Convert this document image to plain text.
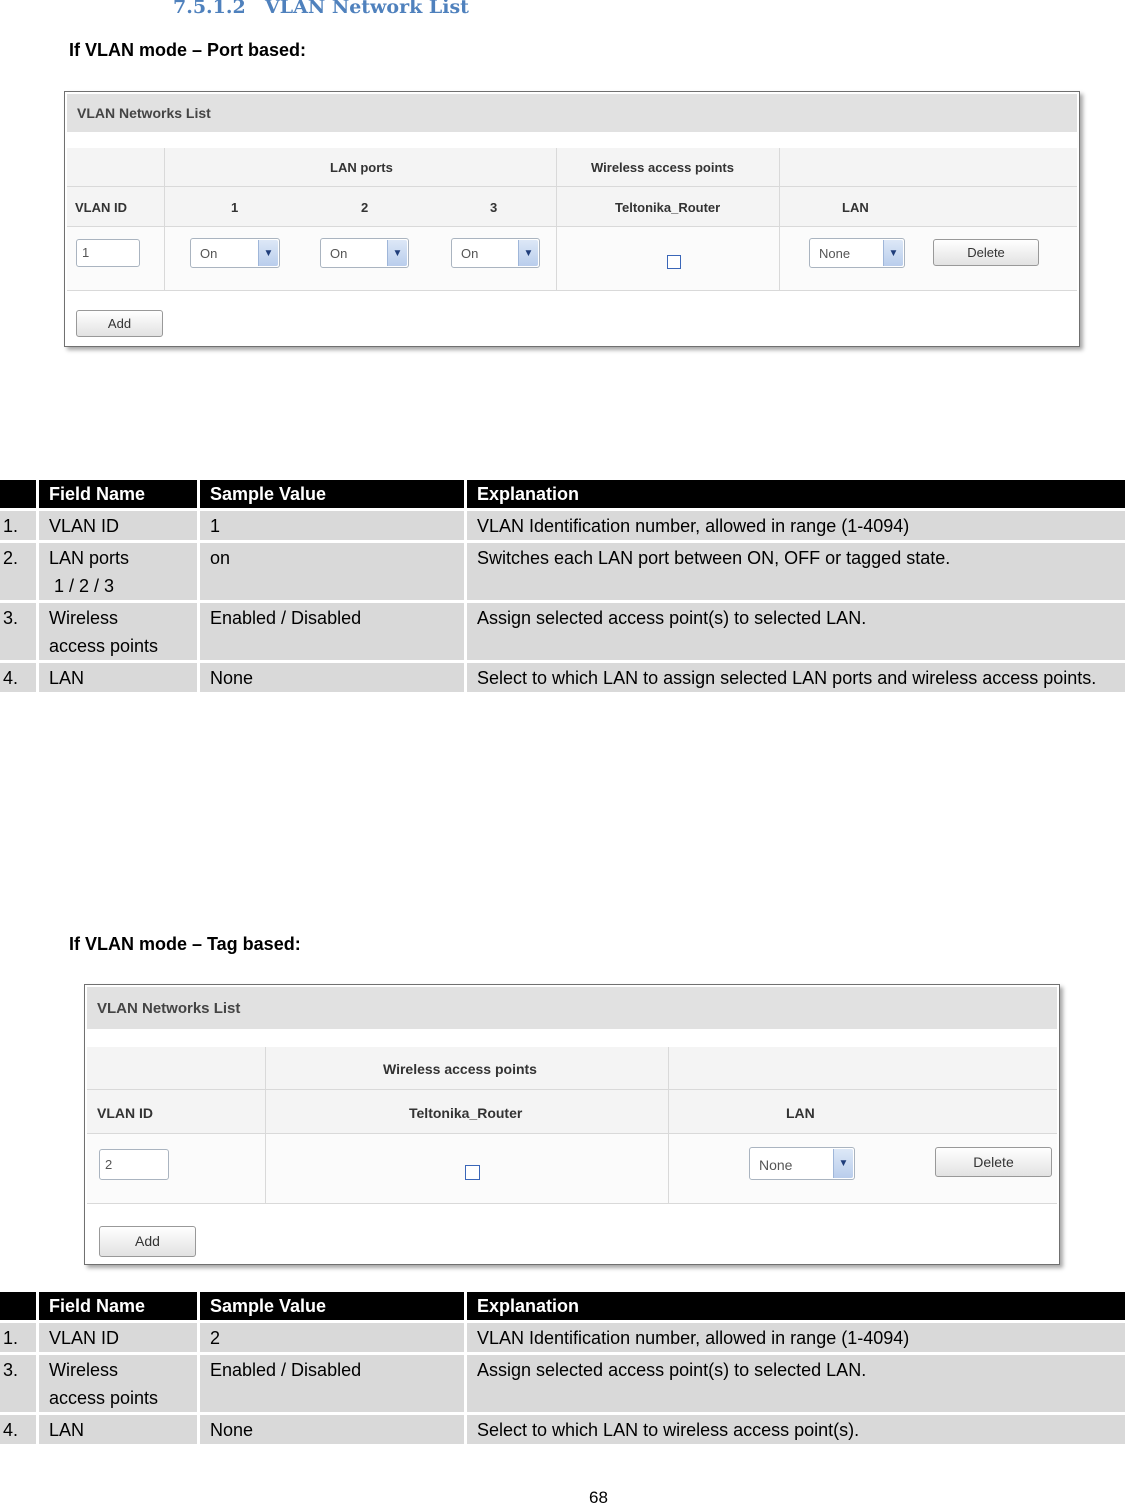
7.5.1.2 VLAN Network List
If VLAN mode – Port based:
VLAN Networks List
LAN ports	Wireless access points
VLAN ID	1	2	3	Teltonika_Router	LAN
1	On	▼	On	▼	On	▼	None	▼	Delete
Add
	Field Name	Sample Value	Explanation
1.	VLAN ID	1	VLAN Identification number, allowed in range (1-4094)
2.	LAN ports
1 / 2 / 3	on	Switches each LAN port between ON, OFF or tagged state.
3.	Wireless
access points	Enabled / Disabled	Assign selected access point(s) to selected LAN.
4.	LAN	None	Select to which LAN to assign selected LAN ports and wireless access points.
If VLAN mode – Tag based:
VLAN Networks List
Wireless access points
VLAN ID	Teltonika_Router	LAN
2	None	▼	Delete
Add
	Field Name	Sample Value	Explanation
1.	VLAN ID	2	VLAN Identification number, allowed in range (1-4094)
3.	Wireless
access points	Enabled / Disabled	Assign selected access point(s) to selected LAN.
4.	LAN	None	Select to which LAN to wireless access point(s).
68
